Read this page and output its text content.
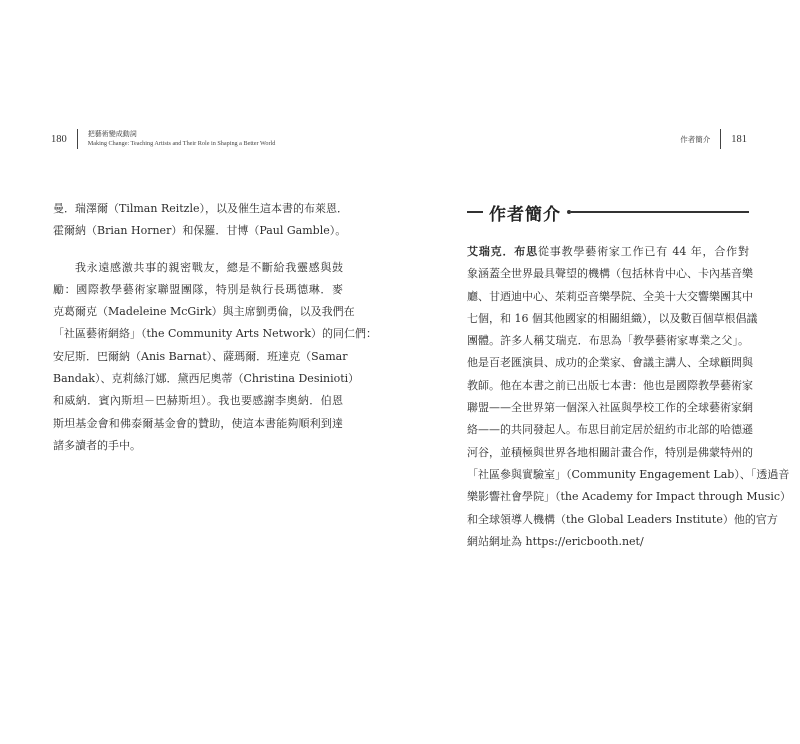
180	把藝術變成動詞
Making Change: Teaching Artists and Their Role in Shaping a Better World
曼．瑞澤爾（Tilman Reitzle），以及催生這本書的布萊恩．
霍爾納（Brian Horner）和保羅．甘博（Paul Gamble）。
我永遠感激共事的親密戰友，總是不斷給我靈感與鼓
勵：國際教學藝術家聯盟團隊，特別是執行長瑪德琳．麥
克葛爾克（Madeleine McGirk）與主席劉勇倫，以及我們在
「社區藝術網絡」（the Community Arts Network）的同仁們：
安尼斯．巴爾納（Anis Barnat）、薩瑪爾．班達克（Samar
Bandak）、克莉絲汀娜．黛西尼奧蒂（Christina Desinioti）
和威納．賓內斯坦－巴赫斯坦）。我也要感謝李奧納．伯恩
斯坦基金會和佛泰爾基金會的贊助，使這本書能夠順利到達
諸多讀者的手中。
作者簡介 181
作者簡介
艾瑞克．布思從事教學藝術家工作已有 44 年，合作對
象涵蓋全世界最具聲望的機構（包括林肯中心、卡內基音樂
廳、甘迺迪中心、茱莉亞音樂學院、全美十大交響樂團其中
七個，和 16 個其他國家的相關組織），以及數百個草根倡議
團體。許多人稱艾瑞克．布思為「教學藝術家專業之父」。
他是百老匯演員、成功的企業家、會議主講人、全球顧問與
教師。他在本書之前已出版七本書：他也是國際教學藝術家
聯盟——全世界第一個深入社區與學校工作的全球藝術家網
絡——的共同發起人。布思目前定居於紐約市北部的哈德遜
河谷，並積極與世界各地相關計畫合作，特別是佛蒙特州的
「社區參與實驗室」（Community Engagement Lab）、「透過音
樂影響社會學院」（the Academy for Impact through Music）
和全球領導人機構（the Global Leaders Institute）他的官方
網站網址為 https://ericbooth.net/
